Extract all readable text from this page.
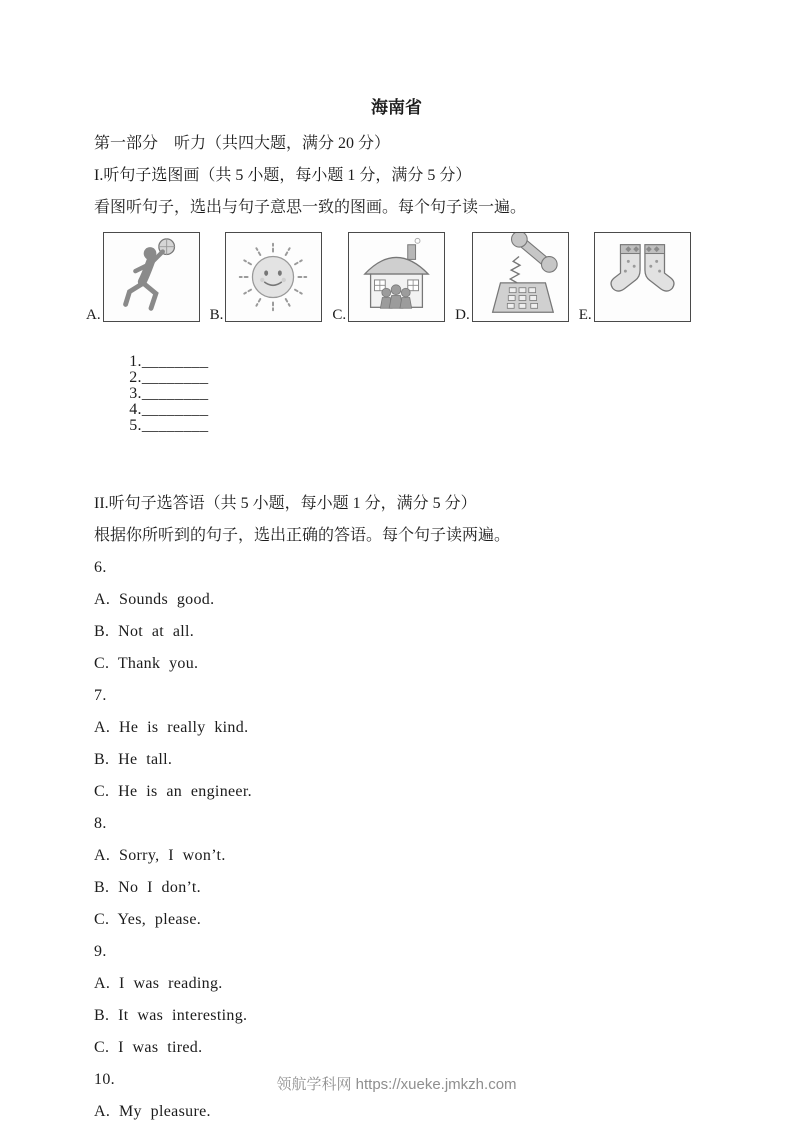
海南省
第一部分　听力（共四大题，满分 20 分）
I.听句子选图画（共 5 小题，每小题 1 分，满分 5 分）
看图听句子，选出与句子意思一致的图画。每个句子读一遍。
A.	B.	C.	D.	E.

1.________
2.________
3.________
4.________
5.________

II.听句子选答语（共 5 小题，每小题 1 分，满分 5 分）
根据你所听到的句子，选出正确的答语。每个句子读两遍。
6.
A. Sounds good.
B. Not at all.
C. Thank you.
7.
A. He is really kind.
B. He tall.
C. He is an engineer.
8.
A. Sorry, I won’t.
B. No I don’t.
C. Yes, please.
9.
A. I was reading.
B. It was interesting.
C. I was tired.
10.
A. My pleasure.
领航学科网 https://xueke.jmkzh.com
